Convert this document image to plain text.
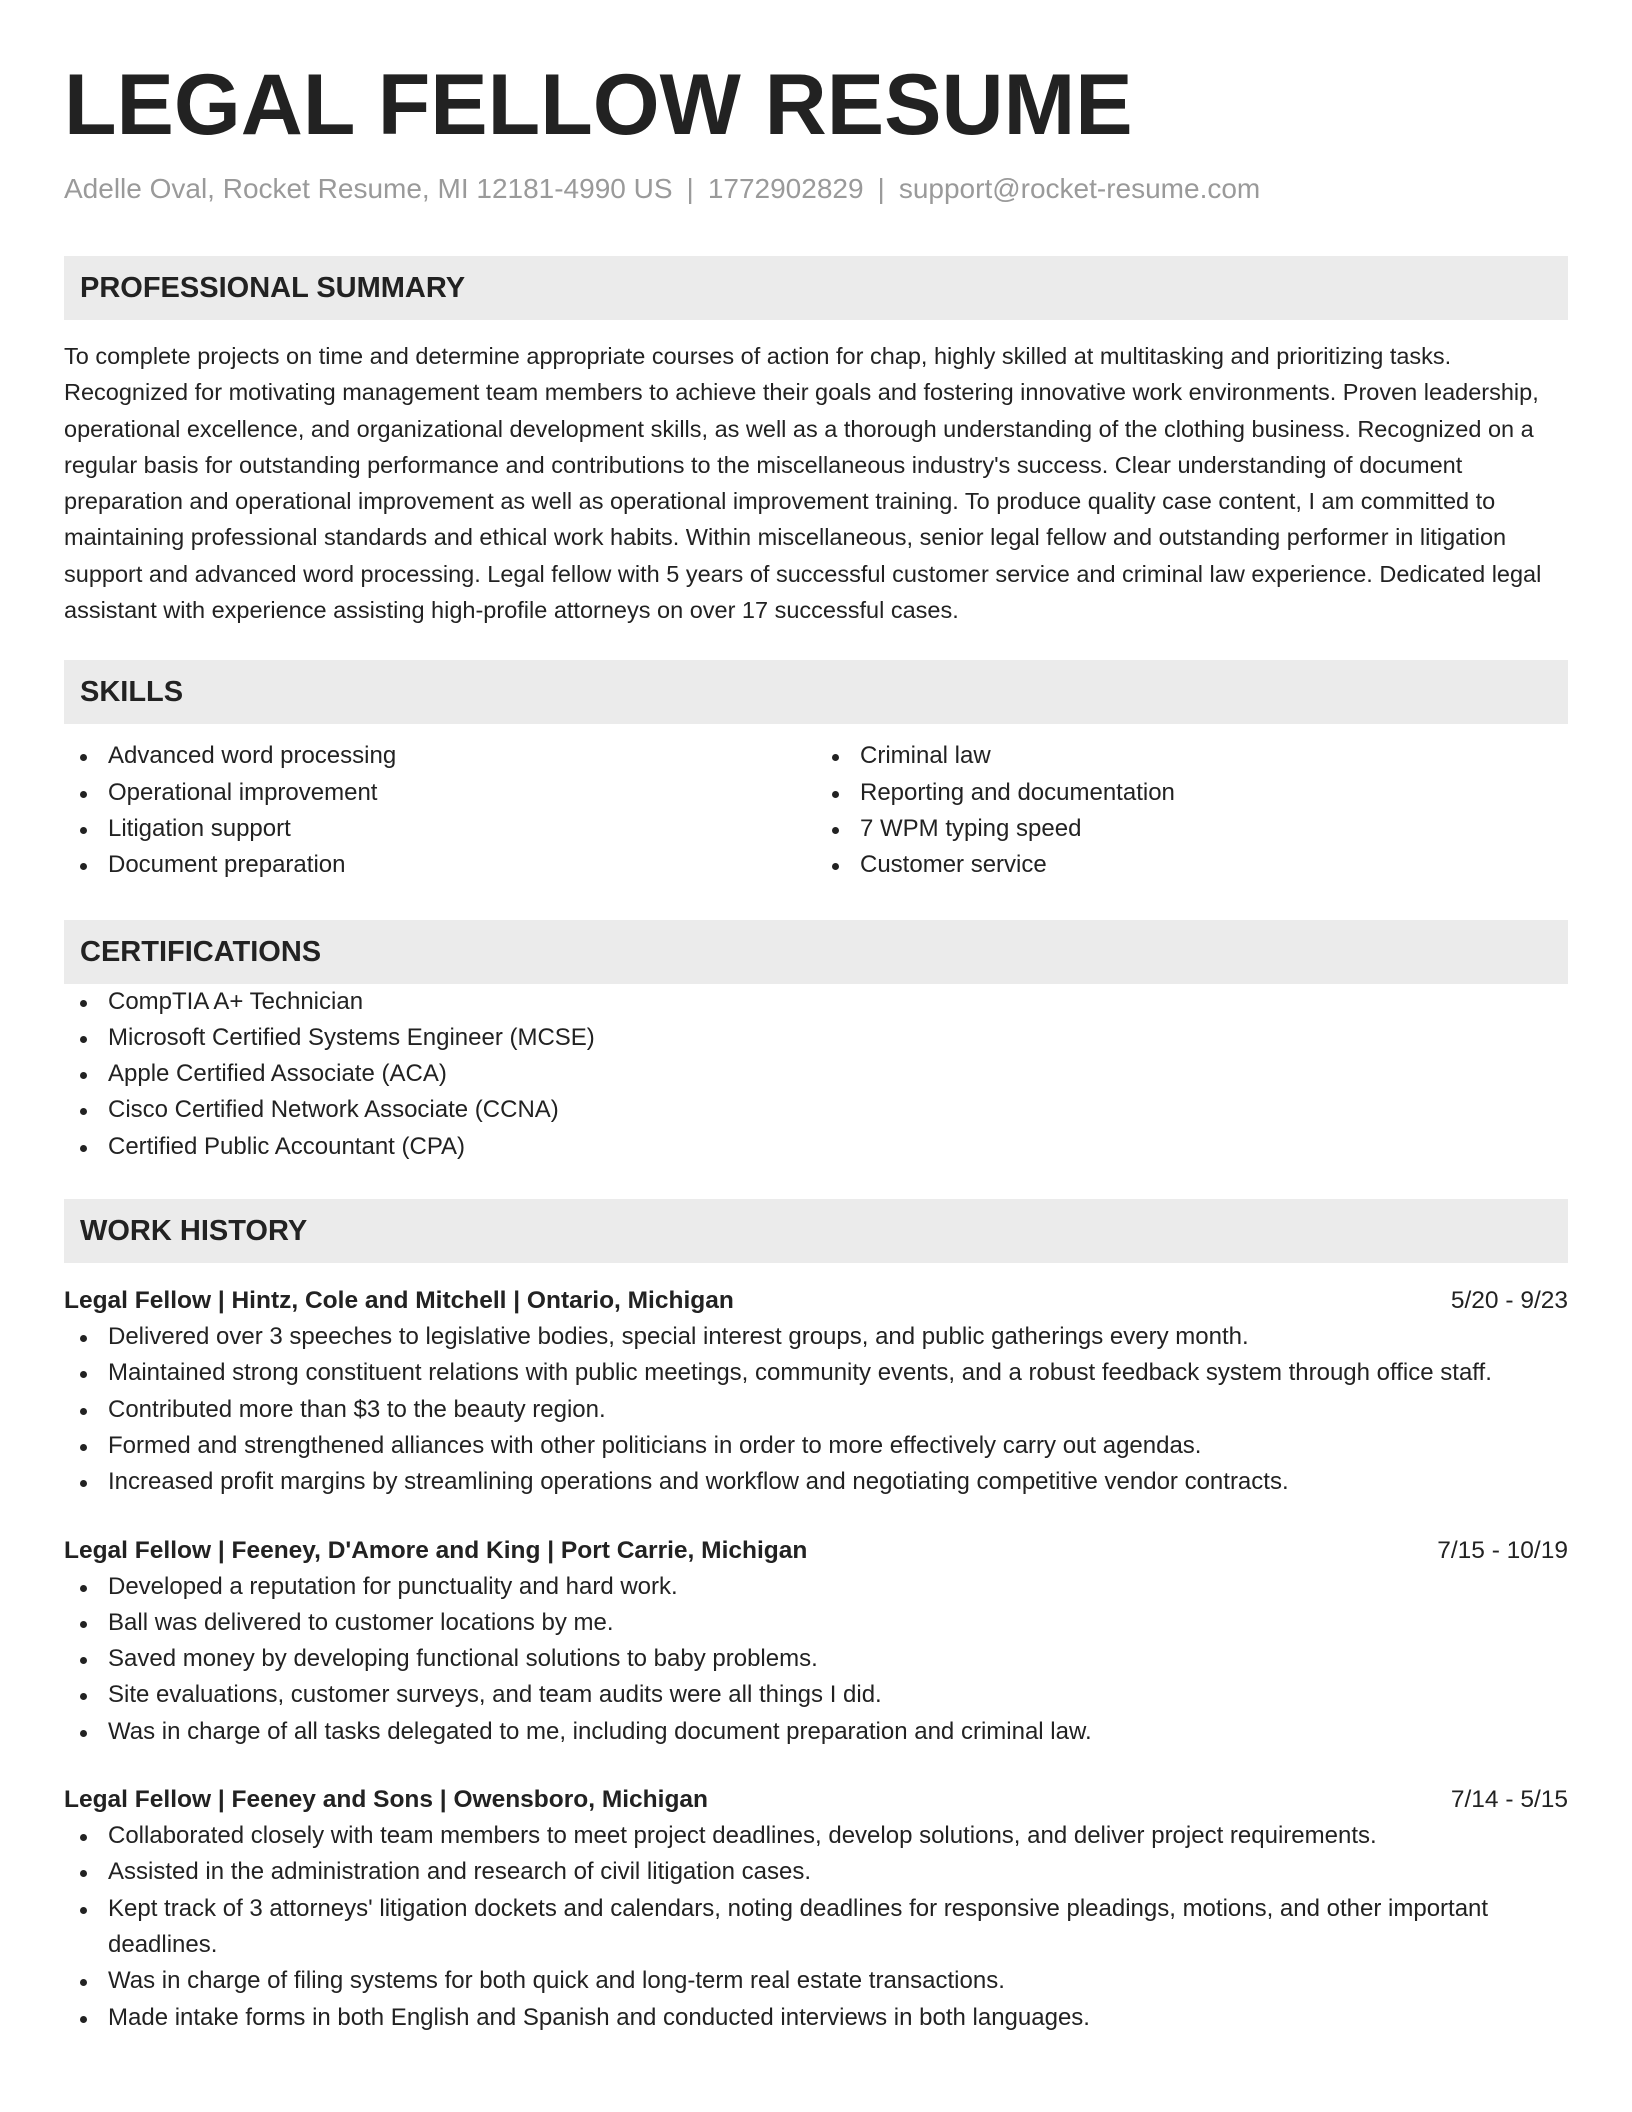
LEGAL FELLOW RESUME
Adelle Oval, Rocket Resume, MI 12181-4990 US | 1772902829 | support@rocket-resume.com
PROFESSIONAL SUMMARY
To complete projects on time and determine appropriate courses of action for chap, highly skilled at multitasking and prioritizing tasks. Recognized for motivating management team members to achieve their goals and fostering innovative work environments. Proven leadership, operational excellence, and organizational development skills, as well as a thorough understanding of the clothing business. Recognized on a regular basis for outstanding performance and contributions to the miscellaneous industry's success. Clear understanding of document preparation and operational improvement as well as operational improvement training. To produce quality case content, I am committed to maintaining professional standards and ethical work habits. Within miscellaneous, senior legal fellow and outstanding performer in litigation support and advanced word processing. Legal fellow with 5 years of successful customer service and criminal law experience. Dedicated legal assistant with experience assisting high-profile attorneys on over 17 successful cases.
SKILLS
Advanced word processing
Operational improvement
Litigation support
Document preparation
Criminal law
Reporting and documentation
7 WPM typing speed
Customer service
CERTIFICATIONS
CompTIA A+ Technician
Microsoft Certified Systems Engineer (MCSE)
Apple Certified Associate (ACA)
Cisco Certified Network Associate (CCNA)
Certified Public Accountant (CPA)
WORK HISTORY
Legal Fellow | Hintz, Cole and Mitchell | Ontario, Michigan	5/20 - 9/23
Delivered over 3 speeches to legislative bodies, special interest groups, and public gatherings every month.
Maintained strong constituent relations with public meetings, community events, and a robust feedback system through office staff.
Contributed more than $3 to the beauty region.
Formed and strengthened alliances with other politicians in order to more effectively carry out agendas.
Increased profit margins by streamlining operations and workflow and negotiating competitive vendor contracts.
Legal Fellow | Feeney, D'Amore and King | Port Carrie, Michigan	7/15 - 10/19
Developed a reputation for punctuality and hard work.
Ball was delivered to customer locations by me.
Saved money by developing functional solutions to baby problems.
Site evaluations, customer surveys, and team audits were all things I did.
Was in charge of all tasks delegated to me, including document preparation and criminal law.
Legal Fellow | Feeney and Sons | Owensboro, Michigan	7/14 - 5/15
Collaborated closely with team members to meet project deadlines, develop solutions, and deliver project requirements.
Assisted in the administration and research of civil litigation cases.
Kept track of 3 attorneys' litigation dockets and calendars, noting deadlines for responsive pleadings, motions, and other important deadlines.
Was in charge of filing systems for both quick and long-term real estate transactions.
Made intake forms in both English and Spanish and conducted interviews in both languages.
